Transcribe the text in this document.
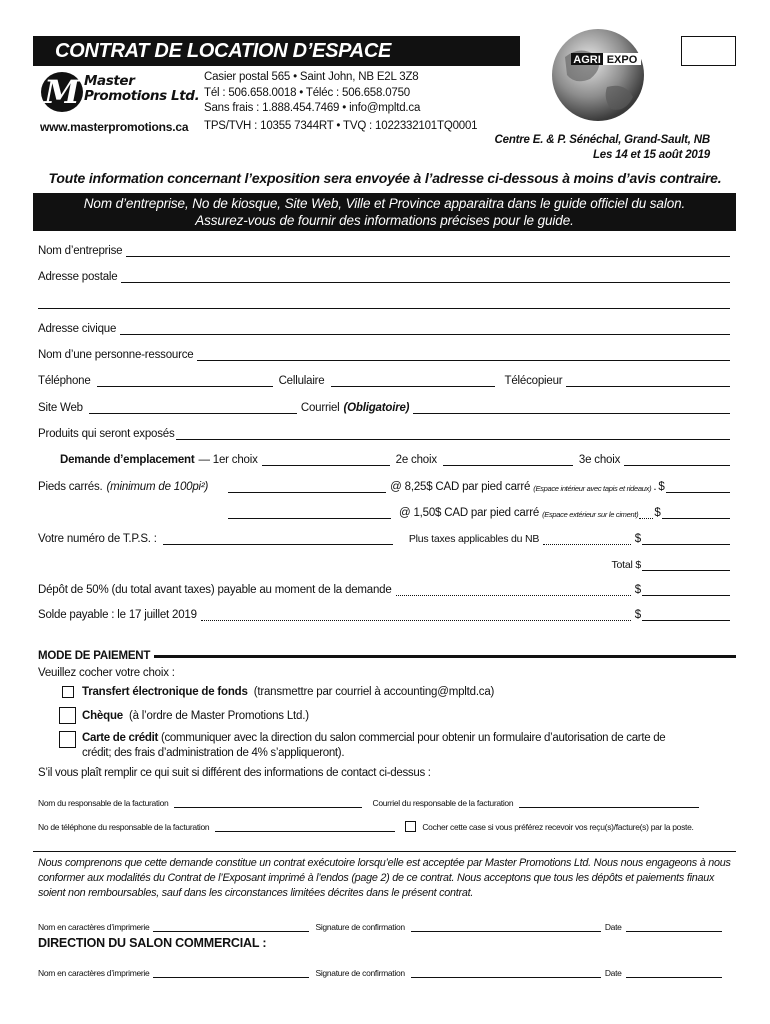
CONTRAT DE LOCATION D’ESPACE
M Master
Promotions Ltd.
www.masterpromotions.ca
Casier postal 565 • Saint John, NB E2L 3Z8
Tél : 506.658.0018 • Téléc : 506.658.0750
Sans frais : 1.888.454.7469 • info@mpltd.ca
TPS/TVH : 10355 7344RT • TVQ : 1022332101TQ0001
AGRI EXPO
Centre E. & P. Sénéchal, Grand-Sault, NB
Les 14 et 15 août 2019
Toute information concernant l’exposition sera envoyée à l’adresse ci-dessous à moins d’avis contraire.
Nom d’entreprise, No de kiosque, Site Web, Ville et Province apparaitra dans le guide officiel du salon.
Assurez-vous de fournir des informations précises pour le guide.
Nom d’entreprise
Adresse postale
Adresse civique
Nom d’une personne-ressource
Téléphone	Cellulaire	Télécopieur
Site Web	Courriel (Obligatoire)
Produits qui seront exposés
Demande d’emplacement — 1er choix	2e choix	3e choix
Pieds carrés. (minimum de 100pi²)	@ 8,25$ CAD par pied carré (Espace intérieur avec tapis et rideaux) . $
@ 1,50$ CAD par pied carré (Espace extérieur sur le ciment) $
Votre numéro de T.P.S. :	Plus taxes applicables du NB	$
Total $
Dépôt de 50% (du total avant taxes) payable au moment de la demande	$
Solde payable : le 17 juillet 2019	$
MODE DE PAIEMENT
Veuillez cocher votre choix :
Transfert électronique de fonds (transmettre par courriel à accounting@mpltd.ca)
Chèque (à l’ordre de Master Promotions Ltd.)
Carte de crédit (communiquer avec la direction du salon commercial pour obtenir un formulaire d’autorisation de carte de
crédit; des frais d’administration de 4% s’appliqueront).
S’il vous plaît remplir ce qui suit si différent des informations de contact ci-dessus :
Nom du responsable de la facturation	Courriel du responsable de la facturation
No de téléphone du responsable de la facturation	Cocher cette case si vous préférez recevoir vos reçu(s)/facture(s) par la poste.
Nous comprenons que cette demande constitue un contrat exécutoire lorsqu’elle est acceptée par Master Promotions Ltd. Nous nous engageons à nous conformer aux modalités du Contrat de l’Exposant imprimé à l’endos (page 2) de ce contrat. Nous acceptons que tous les dépôts et paiements finaux soient non remboursables, sauf dans les circonstances limitées décrites dans le présent contrat.
Nom en caractères d’imprimerie	Signature de confirmation	Date
DIRECTION DU SALON COMMERCIAL :
Nom en caractères d’imprimerie	Signature de confirmation	Date
